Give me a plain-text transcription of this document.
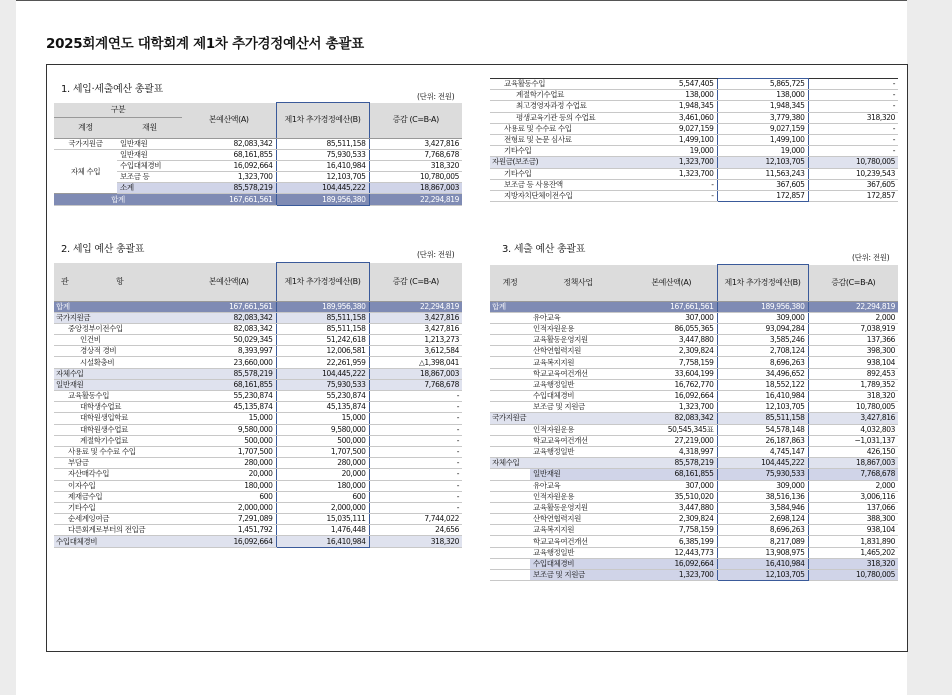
2025회계연도 대학회계 제1차 추가경정예산서 총괄표
1. 세입·세출예산 총괄표
(단위: 전원)
구분		본예산액(A)	제1차 추가경정예산(B)	증감 (C=B-A)
계정	재원			
국가지원금	일반재원	82,083,342	85,511,158	3,427,816
자체 수입	일반재원	68,161,855	75,930,533	7,768,678
	수입대체경비	16,092,664	16,410,984	318,320
	보조금 등	1,323,700	12,103,705	10,780,005
	소계	85,578,219	104,445,222	18,867,003
합계		167,661,561	189,956,380	22,294,819
2. 세입 예산 총괄표	(단위: 전원)
관 항	본예산액(A)	제1차 추가경정예산(B)	증감 (C=B-A)
합계	167,661,561	189,956,380	22,294,819
국가지원금	82,083,342	85,511,158	3,427,816
중앙정부이전수입	82,083,342	85,511,158	3,427,816
인건비	50,029,345	51,242,618	1,213,273
경상적 경비	8,393,997	12,006,581	3,612,584
시설확충비	23,660,000	22,261,959	△1,398,041
자체수입	85,578,219	104,445,222	18,867,003
일반재원	68,161,855	75,930,533	7,768,678
교육활동수입	55,230,874	55,230,874	-
대학생수업료	45,135,874	45,135,874	-
대학원생입학료	15,000	15,000	-
대학원생수업료	9,580,000	9,580,000	-
계절학기수업료	500,000	500,000	-
사용료 및 수수료 수입	1,707,500	1,707,500	-
부담금	280,000	280,000	-
자산매각수입	20,000	20,000	-
이자수입	180,000	180,000	-
제재금수입	600	600	-
기타수입	2,000,000	2,000,000	-
순세계잉여금	7,291,089	15,035,111	7,744,022
다른회계로부터의 전입금	1,451,792	1,476,448	24,656
수입대체경비	16,092,664	16,410,984	318,320
교육활동수입	5,547,405	5,865,725	-
계절학기수업료	138,000	138,000	-
최고경영자과정 수업료	1,948,345	1,948,345	-
평생교육기관 등의 수업료	3,461,060	3,779,380	318,320
사용료 및 수수료 수입	9,027,159	9,027,159	-
전형료 및 논문 심사료	1,499,100	1,499,100	-
기타수입	19,000	19,000	-
자원금(보조금)	1,323,700	12,103,705	10,780,005
기타수입	1,323,700	11,563,243	10,239,543
보조금 등 사용잔액	-	367,605	367,605
지방자치단체이전수입	-	172,857	172,857
3. 세출 예산 총괄표
(단위: 전원)
계정	정책사업	본예산액(A)	제1차 추가경정예산(B)	증감(C=B-A)
합계		167,661,561	189,956,380	22,294,819
	유아교육	307,000	309,000	2,000
	인적자원운용	86,055,365	93,094,284	7,038,919
	교육활동운영지원	3,447,880	3,585,246	137,366
	산학연협력지원	2,309,824	2,708,124	398,300
	교육복지지원	7,758,159	8,696,263	938,104
	학교교육여건개선	33,604,199	34,496,652	892,453
	교육행정일반	16,762,770	18,552,122	1,789,352
	수입대체경비	16,092,664	16,410,984	318,320
	보조금 및 지원금	1,323,700	12,103,705	10,780,005
국가지원금		82,083,342	85,511,158	3,427,816
	인적자원운용	50,545,345표	54,578,148	4,032,803
	학교교육여건개선	27,219,000	26,187,863	−1,031,137
	교육행정일반	4,318,997	4,745,147	426,150
자체수입		85,578,219	104,445,222	18,867,003
	일반재원	68,161,855	75,930,533	7,768,678
	유아교육	307,000	309,000	2,000
	인적자원운용	35,510,020	38,516,136	3,006,116
	교육활동운영지원	3,447,880	3,584,946	137,066
	산학연협력지원	2,309,824	2,698,124	388,300
	교육복지지원	7,758,159	8,696,263	938,104
	학교교육여건개선	6,385,199	8,217,089	1,831,890
	교육행정일반	12,443,773	13,908,975	1,465,202
	수입대체경비	16,092,664	16,410,984	318,320
	보조금 및 지원금	1,323,700	12,103,705	10,780,005
